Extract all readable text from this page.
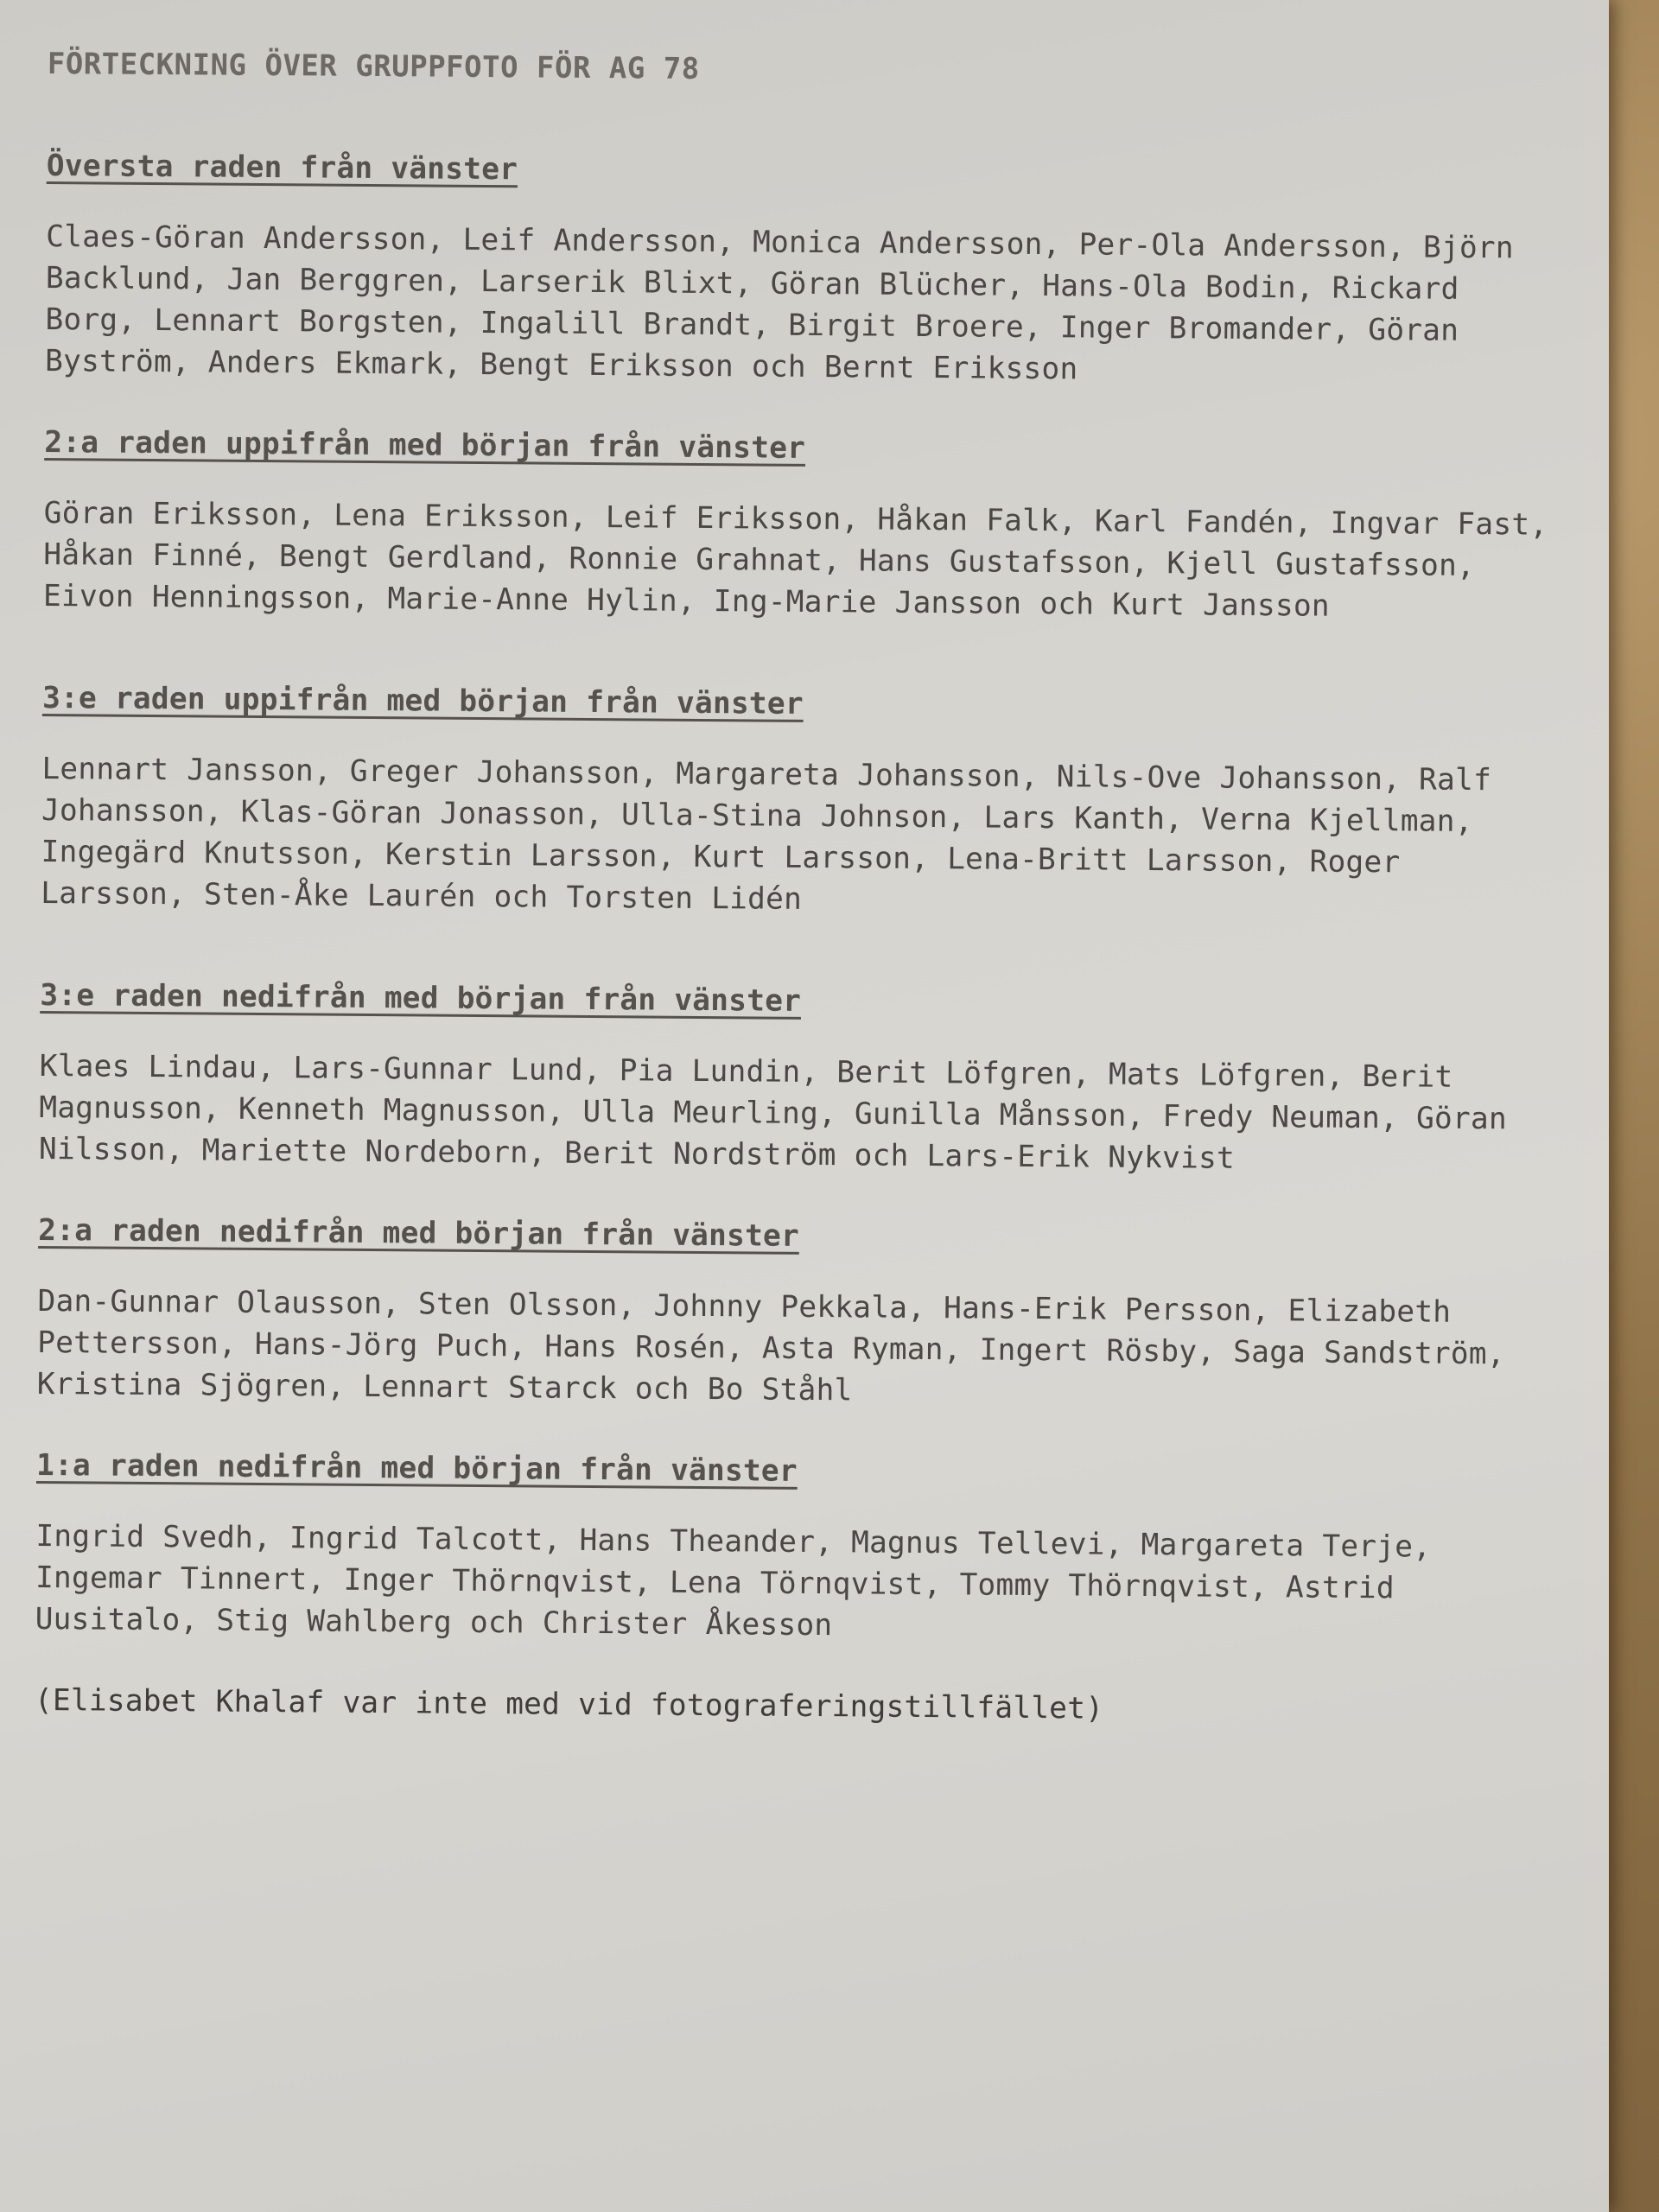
FÖRTECKNING ÖVER GRUPPFOTO FÖR AG 78
Översta raden från vänster

Claes-Göran Andersson, Leif Andersson, Monica Andersson, Per-Ola Andersson, Björn Backlund, Jan Berggren, Larserik Blixt, Göran Blücher, Hans-Ola Bodin, Rickard Borg, Lennart Borgsten, Ingalill Brandt, Birgit Broere, Inger Bromander, Göran Byström, Anders Ekmark, Bengt Eriksson och Bernt Eriksson

2:a raden uppifrån med början från vänster

Göran Eriksson, Lena Eriksson, Leif Eriksson, Håkan Falk, Karl Fandén, Ingvar Fast, Håkan Finné, Bengt Gerdland, Ronnie Grahnat, Hans Gustafsson, Kjell Gustafsson, Eivon Henningsson, Marie-Anne Hylin, Ing-Marie Jansson och Kurt Jansson

3:e raden uppifrån med början från vänster

Lennart Jansson, Greger Johansson, Margareta Johansson, Nils-Ove Johansson, Ralf Johansson, Klas-Göran Jonasson, Ulla-Stina Johnson, Lars Kanth, Verna Kjellman, Ingegärd Knutsson, Kerstin Larsson, Kurt Larsson, Lena-Britt Larsson, Roger Larsson, Sten-Åke Laurén och Torsten Lidén

3:e raden nedifrån med början från vänster

Klaes Lindau, Lars-Gunnar Lund, Pia Lundin, Berit Löfgren, Mats Löfgren, Berit Magnusson, Kenneth Magnusson, Ulla Meurling, Gunilla Månsson, Fredy Neuman, Göran Nilsson, Mariette Nordeborn, Berit Nordström och Lars-Erik Nykvist

2:a raden nedifrån med början från vänster

Dan-Gunnar Olausson, Sten Olsson, Johnny Pekkala, Hans-Erik Persson, Elizabeth Pettersson, Hans-Jörg Puch, Hans Rosén, Asta Ryman, Ingert Rösby, Saga Sandström, Kristina Sjögren, Lennart Starck och Bo Ståhl

1:a raden nedifrån med början från vänster

Ingrid Svedh, Ingrid Talcott, Hans Theander, Magnus Tellevi, Margareta Terje, Ingemar Tinnert, Inger Thörnqvist, Lena Törnqvist, Tommy Thörnqvist, Astrid Uusitalo, Stig Wahlberg och Christer Åkesson

(Elisabet Khalaf var inte med vid fotograferingstillfället)
